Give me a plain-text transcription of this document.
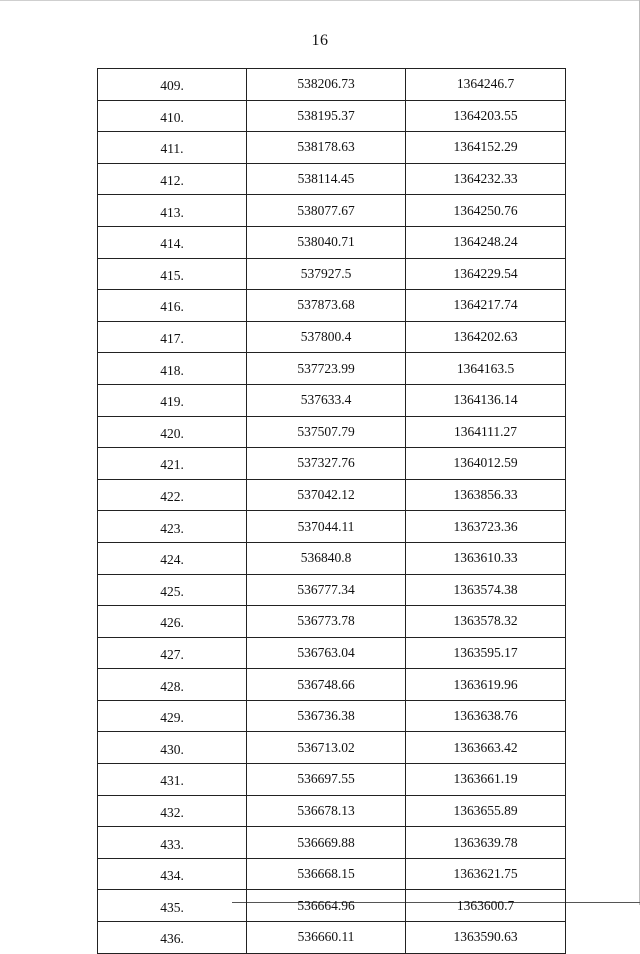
16
409.	538206.73	1364246.7
410.	538195.37	1364203.55
411.	538178.63	1364152.29
412.	538114.45	1364232.33
413.	538077.67	1364250.76
414.	538040.71	1364248.24
415.	537927.5	1364229.54
416.	537873.68	1364217.74
417.	537800.4	1364202.63
418.	537723.99	1364163.5
419.	537633.4	1364136.14
420.	537507.79	1364111.27
421.	537327.76	1364012.59
422.	537042.12	1363856.33
423.	537044.11	1363723.36
424.	536840.8	1363610.33
425.	536777.34	1363574.38
426.	536773.78	1363578.32
427.	536763.04	1363595.17
428.	536748.66	1363619.96
429.	536736.38	1363638.76
430.	536713.02	1363663.42
431.	536697.55	1363661.19
432.	536678.13	1363655.89
433.	536669.88	1363639.78
434.	536668.15	1363621.75
435.	536664.96	1363600.7
436.	536660.11	1363590.63
